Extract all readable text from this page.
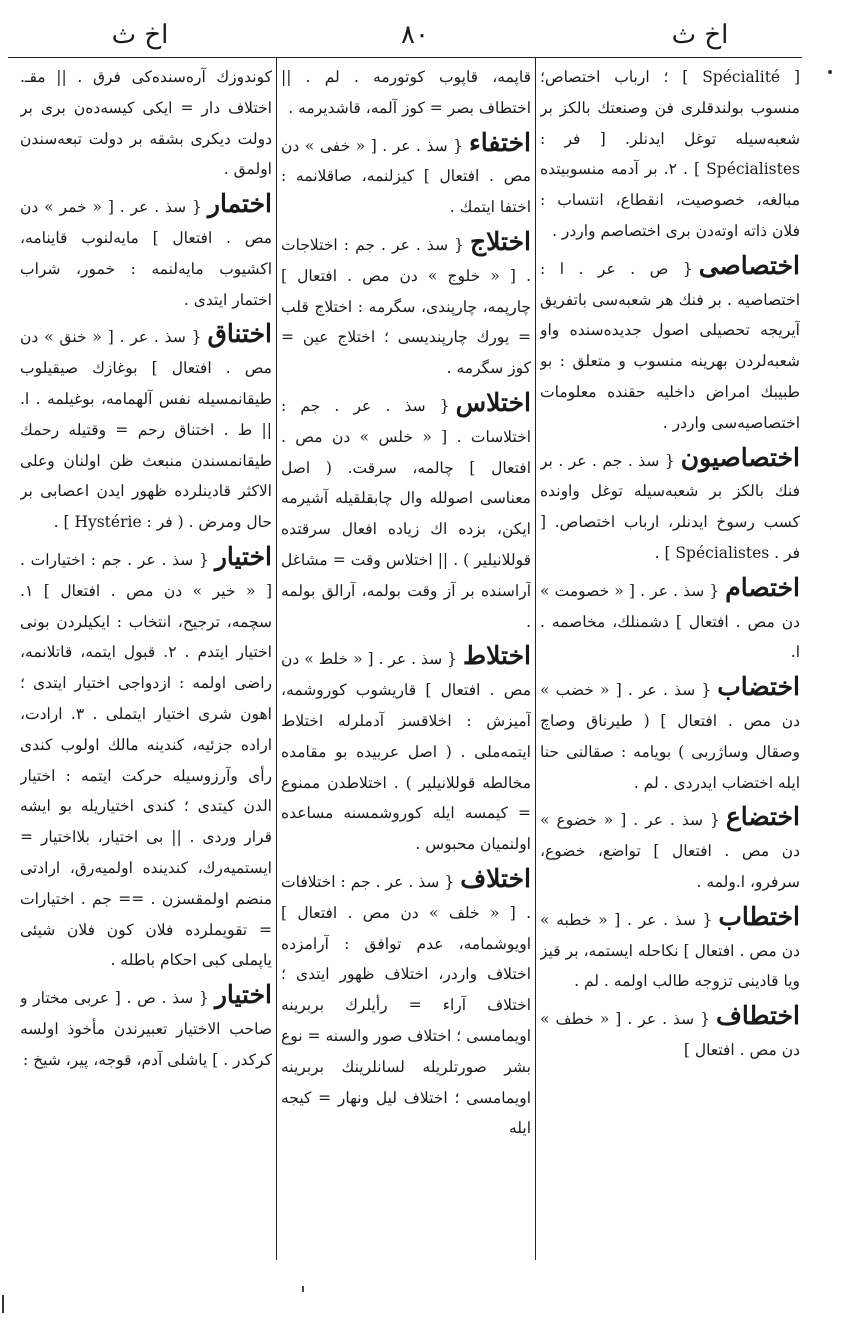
اخ ث
٨٠
اخ ث
[ Spécialité ] ؛ ارباب اختصاص؛ منسوب بولندقلری فن وصنعتك بالكز بر شعبه‌سیله توغل ایدنلر. [ فر : Spécialistes ] . ٢. بر آدمه منسوبیتده مبالغه، خصوصیت، انقطاع، انتساب : فلان ذاته اوته‌دن بری اختصاصم واردر .
اختصاصی{ ص . عر . ا : اختصاصیه . بر فنك هر شعبه‌سی باتفریق آیریجه تحصیلی اصول جدیده‌سنده واو شعبه‌لردن بهرینه منسوب و متعلق : بو طبیبك امراض داخلیه حقنده معلومات اختصاصیه‌سی واردر .
اختصاصیون{ سذ . جم . عر . بر فنك بالكز بر شعبه‌سیله توغل واونده کسب رسوخ ایدنلر، ارباب اختصاص. [ فر . Spécialistes ] .
اختصام{ سذ . عر . [ « خصومت » دن مص . افتعال ] دشمنلك، مخاصمه . ا.
اختضاب{ سذ . عر . [ « خضب » دن مص . افتعال ] ( طیرناق وصاچ وصقال وساژربی ) بویامه : صقالنی حنا ایله اختضاب ایدردی . لم .
اختضاع{ سذ . عر . [ « خضوع » دن مص . افتعال ] تواضع، خضوع، سرفرو، ا.ولمه .
اختطاب{ سذ . عر . [ « خطبه » دن مص . افتعال ] نکاحله ایستمه، بر قیز ویا قادینی تزوجه طالب اولمه . لم .
اختطاف{ سذ . عر . [ « خطف » دن مص . افتعال ]
قاپمه، قاپوب کوتورمه . لم . || اختطاف بصر = کوز آلمه، قاشدیرمه .
اختفاء{ سذ . عر . [ « خفی » دن مص . افتعال ] کیزلنمه، صاقلانمه : اختفا ایتمك .
اختلاج{ سذ . عر . جم : اختلاجات . [ « خلوج » دن مص . افتعال ] چارپمه، چارپندی، سگرمه : اختلاج قلب = یورك چارپندیسی ؛ اختلاج عین = کوز سگرمه .
اختلاس{ سذ . عر . جم : اختلاسات . [ « خلس » دن مص . افتعال ] چالمه، سرقت. ( اصل معناسی اصوللە وال چابقلقیله آشیرمه ایکن، بزده اك زیاده افعال سرقتده قوللانیلیر ) . || اختلاس وقت = مشاغل آراسنده بر آز وقت بولمه، آرالق بولمه .
اختلاط{ سذ . عر . [ « خلط » دن مص . افتعال ] قاریشوب کوروشمه، آمیزش : اخلاقسز آدملرله اختلاط ایتمه‌ملی . ( اصل عربیده بو مقامده مخالطه قوللانیلیر ) . اختلاطدن ممنوع = کیمسه ایله کوروشمسنه مساعده اولنمیان محبوس .
اختلاف{ سذ . عر . جم : اختلافات . [ « خلف » دن مص . افتعال ] اویوشمامه، عدم توافق : آرامزده اختلاف واردر، اختلاف ظهور ایتدی ؛ اختلاف آراء = رأیلرك بربرینه اویمامسی ؛ اختلاف صور والسنه = نوع بشر صورتلریله لسانلرینك بربرینه اویمامسی ؛ اختلاف لیل ونهار = کیجه ایله
کوندوزك آره‌سنده‌کی فرق . || مقـ. اختلاف دار = ایکی کیسه‌ده‌ن بری بر دولت دیکری بشقه بر دولت تبعه‌سندن اولمق .
اختمار{ سذ . عر . [ « خمر » دن مص . افتعال ] مایه‌لنوب قاینامه، اکشیوب مایه‌لنمه : خمور، شراب اختمار ایتدی .
اختناق{ سذ . عر . [ « خنق » دن مص . افتعال ] بوغازك صیقیلوب طیقانمسیله نفس آلهمامه، بوغیلمه . ا. || ط . اختناق رحم = وقتیله رحمك طیقانمسندن منبعث ظن اولنان وعلی الاکثر قادینلرده ظهور ایدن اعصابی بر حال ومرض . ( فر : Hystérie ] .
اختیار{ سذ . عر . جم : اختیارات . [ « خیر » دن مص . افتعال ] ١. سچمه، ترجیح، انتخاب : ایکیلردن بونی اختیار ایتدم . ٢. قبول ایتمه، قاتلانمه، راضی اولمه : ازدواجی اختیار ایتدی ؛ اهون شری اختیار ایتملی . ٣. ارادت، اراده جزئیه، کندینه مالك اولوب کندی رأی وآرزوسیله حرکت ایتمه : اختیار الدن کیتدی ؛ کندی اختیاریله بو ایشه قرار وردی . || بی اختیار، بلااختیار = ایستمیه‌رك، کندینده اولمیه‌رق، ارادتی منضم اولمقسزن . == جم . اختیارات = تقویملرده فلان کون فلان شیئی یاپملی کبی احکام باطله .
اختیار{ سذ . ص . [ عربی مختار و صاحب الاختیار تعبیرندن مأخوذ اولسه کرکدر . ] یاشلی آدم، قوجه، پیر، شیخ :
